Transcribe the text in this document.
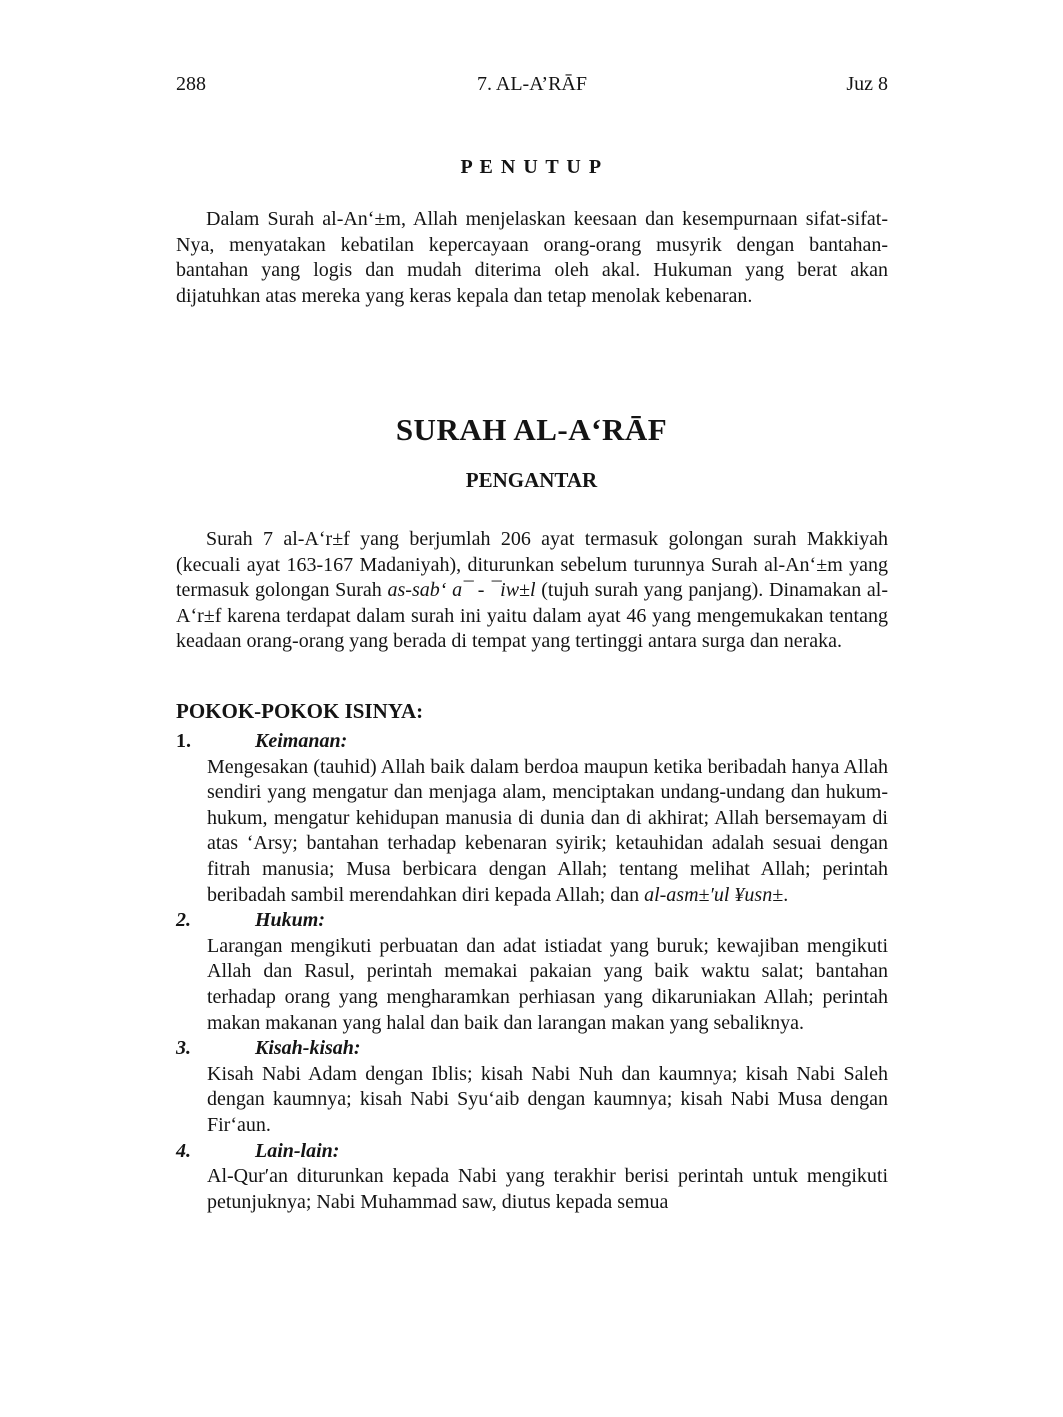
288	7. AL-A’RĀF	Juz 8
P E N U T U P

Dalam Surah al-An‘±m, Allah menjelaskan keesaan dan kesempurnaan sifat-sifat-Nya, menyatakan kebatilan kepercayaan orang-orang musyrik dengan bantahan-bantahan yang logis dan mudah diterima oleh akal. Hukuman yang berat akan dijatuhkan atas mereka yang keras kepala dan tetap menolak kebenaran.

SURAH AL-A‘RĀF
PENGANTAR

Surah 7 al-A‘r±f yang berjumlah 206 ayat termasuk golongan surah Makkiyah (kecuali ayat 163-167 Madaniyah), diturunkan sebelum turunnya Surah al-An‘±m yang termasuk golongan Surah as-sab‘ a¯ - ¯iw±l (tujuh surah yang panjang). Dinamakan al-A‘r±f karena terdapat dalam surah ini yaitu dalam ayat 46 yang mengemukakan tentang keadaan orang-orang yang berada di tempat yang tertinggi antara surga dan neraka.

POKOK-POKOK ISINYA:
1.	Keimanan:

Mengesakan (tauhid) Allah baik dalam berdoa maupun ketika beribadah hanya Allah sendiri yang mengatur dan menjaga alam, menciptakan undang-undang dan hukum-hukum, mengatur kehidupan manusia di dunia dan di akhirat; Allah bersemayam di atas ‘Arsy; bantahan terhadap kebenaran syirik; ketauhidan adalah sesuai dengan fitrah manusia; Musa berbicara dengan Allah; tentang melihat Allah; perintah beribadah sambil merendahkan diri kepada Allah; dan al-asm±′ul ¥usn±.

2.	Hukum:

Larangan mengikuti perbuatan dan adat istiadat yang buruk; kewajiban mengikuti Allah dan Rasul, perintah memakai pakaian yang baik waktu salat; bantahan terhadap orang yang mengharamkan perhiasan yang dikaruniakan Allah; perintah makan makanan yang halal dan baik dan larangan makan yang sebaliknya.

3.	Kisah-kisah:

Kisah Nabi Adam dengan Iblis; kisah Nabi Nuh dan kaumnya; kisah Nabi Saleh dengan kaumnya; kisah Nabi Syu‘aib dengan kaumnya; kisah Nabi Musa dengan Fir‘aun.

4.	Lain-lain:

Al-Qur′an diturunkan kepada Nabi yang terakhir berisi perintah untuk mengikuti petunjuknya; Nabi Muhammad saw, diutus kepada semua
